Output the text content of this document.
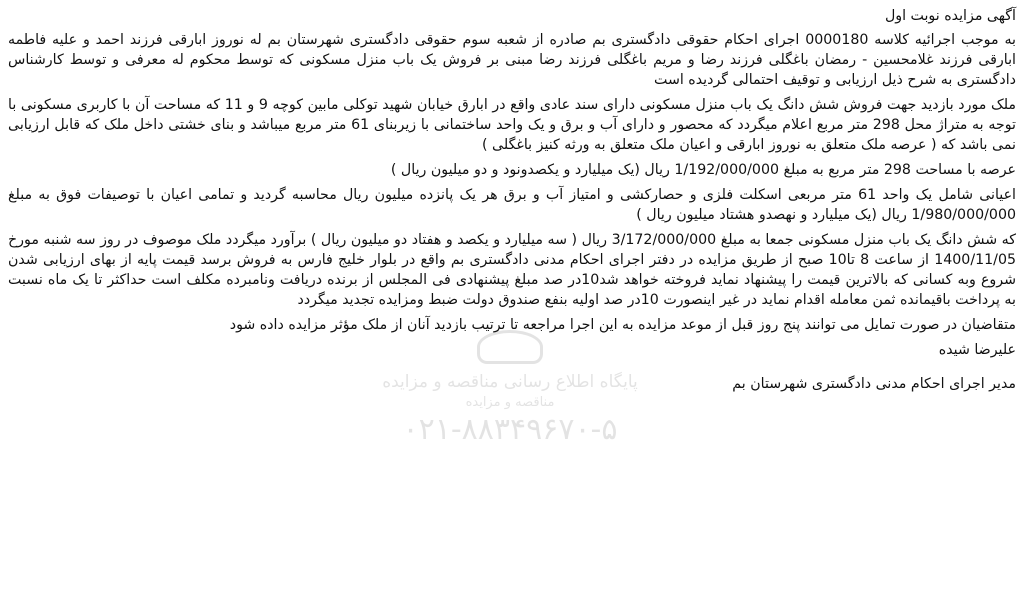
پایگاه اطلاع رسانی مناقصه و مزایده
مناقصه و مزایده
۰۲۱-۸۸۳۴۹۶۷۰-۵

آگهی مزایده نوبت اول

به موجب اجرائیه کلاسه 0000180 اجرای احکام حقوقی دادگستری بم صادره از شعبه سوم حقوقی دادگستری شهرستان بم له نوروز ابارقی فرزند احمد و علیه فاطمه ابارقی فرزند غلامحسین - رمضان باغگلی فرزند رضا و مریم باغگلی فرزند رضا مبنی بر فروش یک باب منزل مسکونی که توسط محکوم له معرفی و توسط کارشناس دادگستری به شرح ذیل ارزیابی و توقیف احتمالی گردیده است

ملک مورد بازدید جهت فروش شش دانگ یک باب منزل مسکونی دارای سند عادی واقع در ابارق خیابان شهید توکلی مابین کوچه 9 و 11 که مساحت آن با کاربری مسکونی با توجه به متراژ محل 298 متر مربع اعلام میگردد که محصور و دارای آب و برق و یک واحد ساختمانی با زیربنای 61 متر مربع میباشد و بنای خشتی داخل ملک که قابل ارزیابی نمی باشد که ( عرصه ملک متعلق به نوروز ابارقی و اعیان ملک متعلق به ورثه کنیز باغگلی )

عرصه با مساحت 298 متر مربع به مبلغ 1/192/000/000 ریال (یک میلیارد و یکصدونود و دو میلیون ریال )

اعیانی شامل یک واحد 61 متر مربعی اسکلت فلزی و حصارکشی و امتیاز آب و برق هر یک پانزده میلیون ریال محاسبه گردید و تمامی اعیان با توصیفات فوق به مبلغ 1/980/000/000 ریال (یک میلیارد و نهصدو هشتاد میلیون ریال )

که شش دانگ یک باب منزل مسکونی جمعا به مبلغ 3/172/000/000 ریال ( سه میلیارد و یکصد و هفتاد دو میلیون ریال ) برآورد میگردد ملک موصوف در روز سه شنبه مورخ 1400/11/05 از ساعت 8 تا10 صبح از طریق مزایده در دفتر اجرای احکام مدنی دادگستری بم واقع در بلوار خلیج فارس به فروش برسد قیمت پایه از بهای ارزیابی شدن شروع وبه کسانی که بالاترین قیمت را پیشنهاد نماید فروخته خواهد شد10در صد مبلغ پیشنهادی فی المجلس از برنده دریافت ونامبرده مکلف است حداکثر تا یک ماه نسبت به پرداخت باقیمانده ثمن معامله اقدام نماید در غیر اینصورت 10در صد اولیه بنفع صندوق دولت ضبط ومزایده تجدید میگردد

متقاضیان در صورت تمایل می توانند پنج روز قبل از موعد مزایده به این اجرا مراجعه تا ترتیب بازدید آنان از ملک مؤثر مزایده داده شود

علیرضا شیده

مدیر اجرای احکام مدنی دادگستری شهرستان بم
